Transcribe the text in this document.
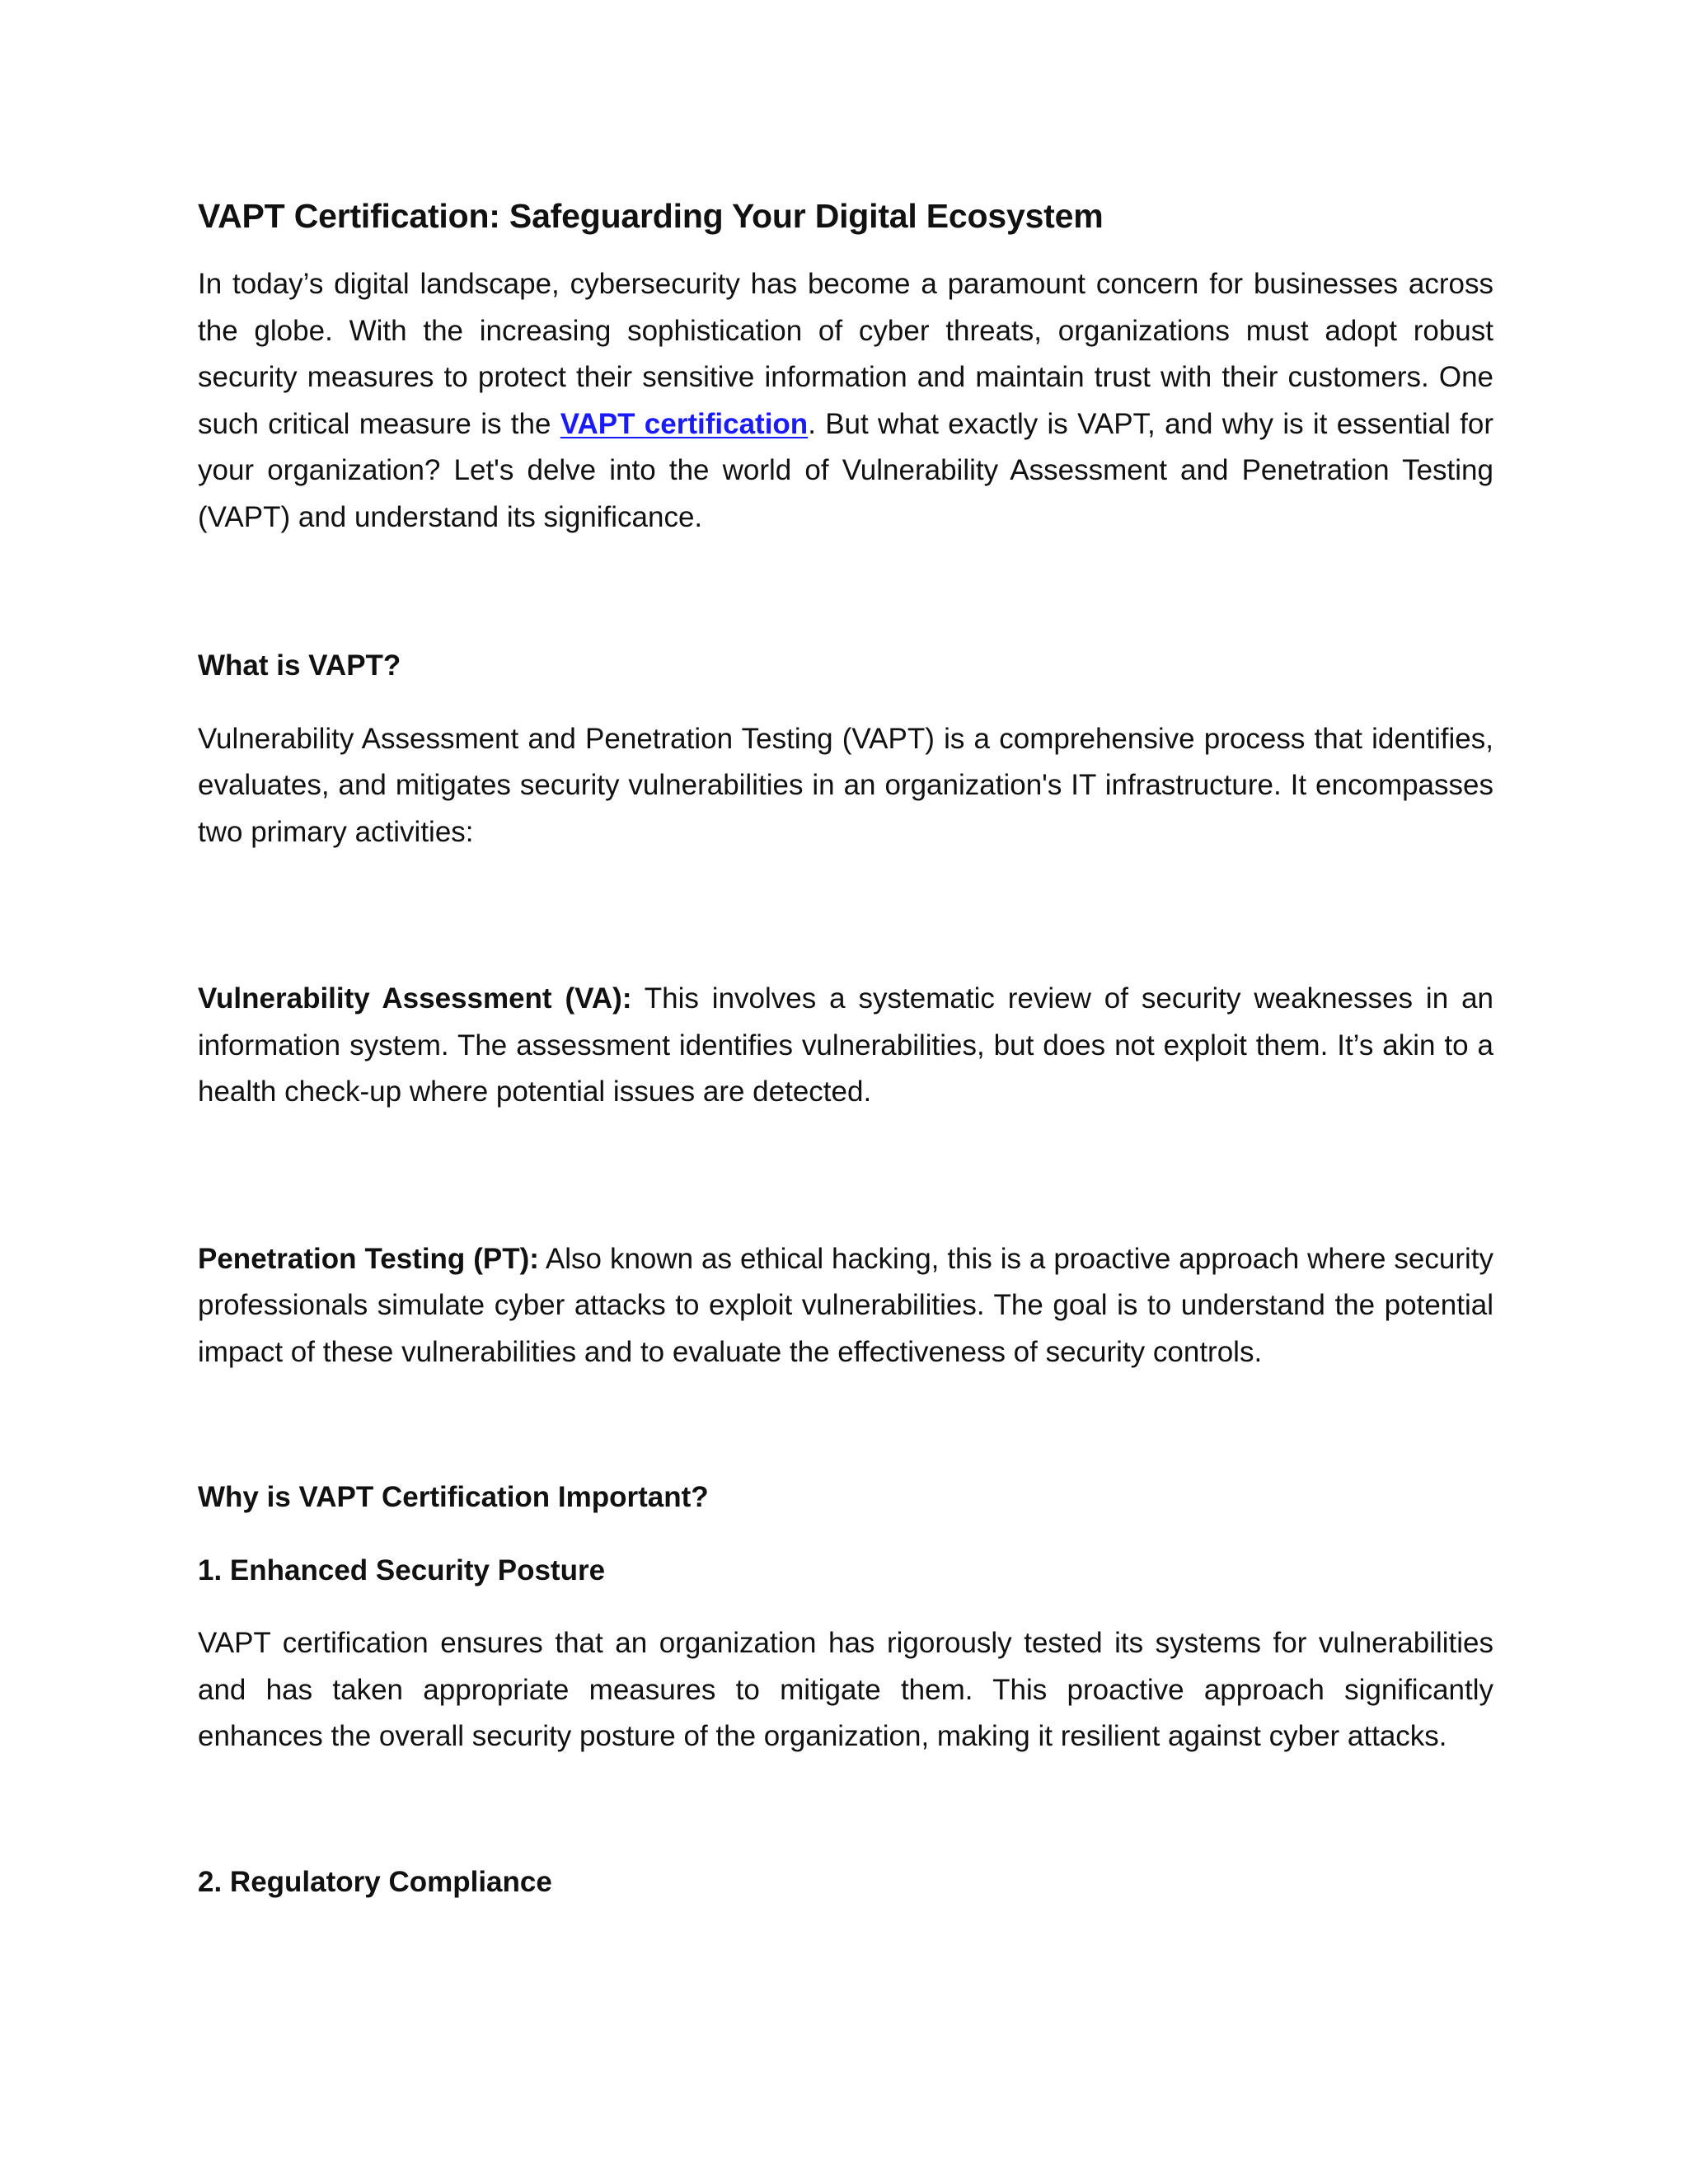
VAPT Certification: Safeguarding Your Digital Ecosystem

In today’s digital landscape, cybersecurity has become a paramount concern for businesses across the globe. With the increasing sophistication of cyber threats, organizations must adopt robust security measures to protect their sensitive information and maintain trust with their customers. One such critical measure is the VAPT certification. But what exactly is VAPT, and why is it essential for your organization? Let's delve into the world of Vulnerability Assessment and Penetration Testing (VAPT) and understand its significance.

What is VAPT?

Vulnerability Assessment and Penetration Testing (VAPT) is a comprehensive process that identifies, evaluates, and mitigates security vulnerabilities in an organization's IT infrastructure. It encompasses two primary activities:

Vulnerability Assessment (VA): This involves a systematic review of security weaknesses in an information system. The assessment identifies vulnerabilities, but does not exploit them. It’s akin to a health check-up where potential issues are detected.

Penetration Testing (PT): Also known as ethical hacking, this is a proactive approach where security professionals simulate cyber attacks to exploit vulnerabilities. The goal is to understand the potential impact of these vulnerabilities and to evaluate the effectiveness of security controls.

Why is VAPT Certification Important?
1. Enhanced Security Posture

VAPT certification ensures that an organization has rigorously tested its systems for vulnerabilities and has taken appropriate measures to mitigate them. This proactive approach significantly enhances the overall security posture of the organization, making it resilient against cyber attacks.

2. Regulatory Compliance
